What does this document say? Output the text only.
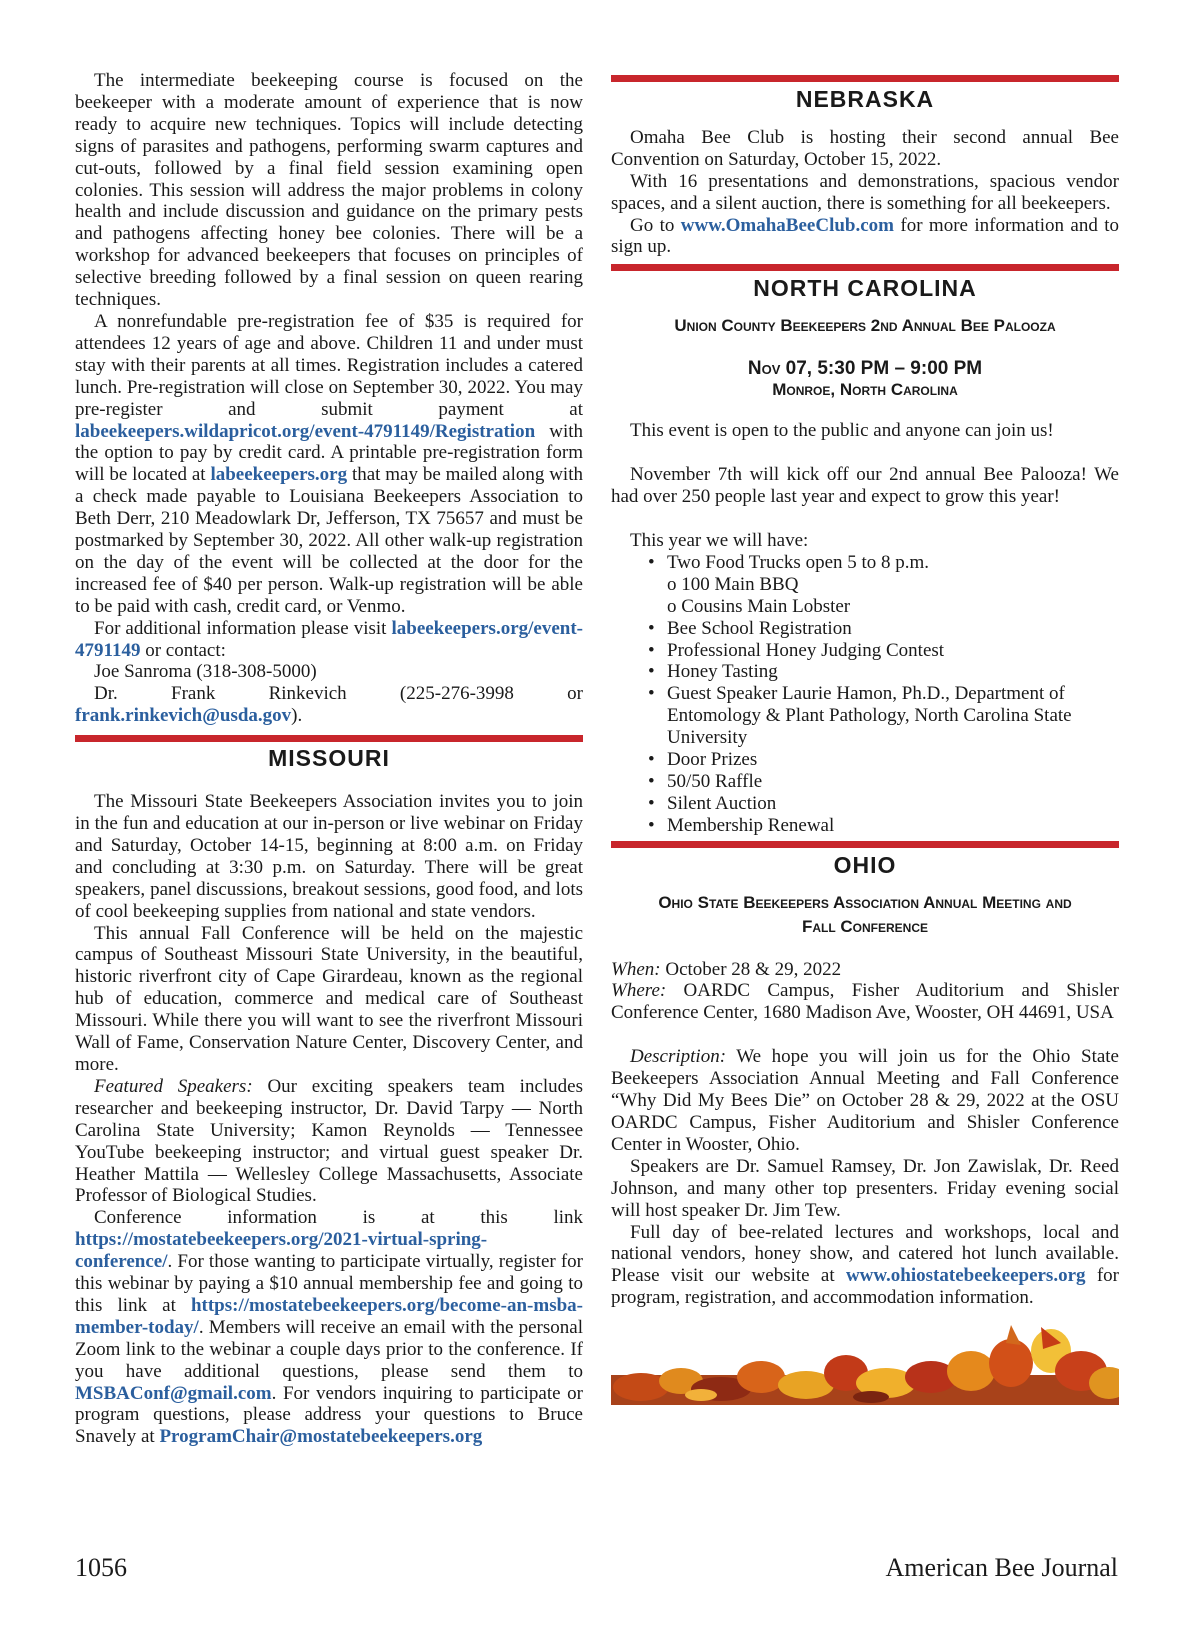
The intermediate beekeeping course is focused on the beekeeper with a moderate amount of experience that is now ready to acquire new techniques. Topics will include detecting signs of parasites and pathogens, performing swarm captures and cut-outs, followed by a final field session examining open colonies. This session will address the major problems in colony health and include discussion and guidance on the primary pests and pathogens affecting honey bee colonies. There will be a workshop for advanced beekeepers that focuses on principles of selective breeding followed by a final session on queen rearing techniques.

A nonrefundable pre-registration fee of $35 is required for attendees 12 years of age and above. Children 11 and under must stay with their parents at all times. Registration includes a catered lunch. Pre-registration will close on September 30, 2022. You may pre-register and submit payment at labeekeepers.wildapricot.org/event-4791149/Registration with the option to pay by credit card. A printable pre-registration form will be located at labeekeepers.org that may be mailed along with a check made payable to Louisiana Beekeepers Association to Beth Derr, 210 Meadowlark Dr, Jefferson, TX 75657 and must be postmarked by September 30, 2022. All other walk-up registration on the day of the event will be collected at the door for the increased fee of $40 per person. Walk-up registration will be able to be paid with cash, credit card, or Venmo.

For additional information please visit labeekeepers.org/event-4791149 or contact:

Joe Sanroma (318-308-5000)

Dr. Frank Rinkevich (225-276-3998 or frank.rinkevich@usda.gov).

MISSOURI

The Missouri State Beekeepers Association invites you to join in the fun and education at our in-person or live webinar on Friday and Saturday, October 14-15, beginning at 8:00 a.m. on Friday and concluding at 3:30 p.m. on Saturday. There will be great speakers, panel discussions, breakout sessions, good food, and lots of cool beekeeping supplies from national and state vendors.

This annual Fall Conference will be held on the majestic campus of Southeast Missouri State University, in the beautiful, historic riverfront city of Cape Girardeau, known as the regional hub of education, commerce and medical care of Southeast Missouri. While there you will want to see the riverfront Missouri Wall of Fame, Conservation Nature Center, Discovery Center, and more.

Featured Speakers: Our exciting speakers team includes researcher and beekeeping instructor, Dr. David Tarpy — North Carolina State University; Kamon Reynolds — Tennessee YouTube beekeeping instructor; and virtual guest speaker Dr. Heather Mattila — Wellesley College Massachusetts, Associate Professor of Biological Studies.

Conference information is at this link https://mostatebeekeepers.org/2021-virtual-spring-conference/. For those wanting to participate virtually, register for this webinar by paying a $10 annual membership fee and going to this link at https://mostatebeekeepers.org/become-an-msba-member-today/. Members will receive an email with the personal Zoom link to the webinar a couple days prior to the conference. If you have additional questions, please send them to MSBAConf@gmail.com. For vendors inquiring to participate or program questions, please address your questions to Bruce Snavely at ProgramChair@mostatebeekeepers.org

NEBRASKA

Omaha Bee Club is hosting their second annual Bee Convention on Saturday, October 15, 2022.

With 16 presentations and demonstrations, spacious vendor spaces, and a silent auction, there is something for all beekeepers.

Go to www.OmahaBeeClub.com for more information and to sign up.

NORTH CAROLINA
Union County Beekeepers 2nd Annual Bee Palooza
Nov 07, 5:30 PM – 9:00 PM
Monroe, North Carolina

This event is open to the public and anyone can join us!

November 7th will kick off our 2nd annual Bee Palooza! We had over 250 people last year and expect to grow this year!

This year we will have:

• Two Food Trucks open 5 to 8 p.m.
o 100 Main BBQ
o Cousins Main Lobster
• Bee School Registration
• Professional Honey Judging Contest
• Honey Tasting
• Guest Speaker Laurie Hamon, Ph.D., Department of Entomology & Plant Pathology, North Carolina State University
• Door Prizes
• 50/50 Raffle
• Silent Auction
• Membership Renewal
OHIO
Ohio State Beekeepers Association Annual Meeting and Fall Conference

When: October 28 & 29, 2022

Where: OARDC Campus, Fisher Auditorium and Shisler Conference Center, 1680 Madison Ave, Wooster, OH 44691, USA

Description: We hope you will join us for the Ohio State Beekeepers Association Annual Meeting and Fall Conference “Why Did My Bees Die” on October 28 & 29, 2022 at the OSU OARDC Campus, Fisher Auditorium and Shisler Conference Center in Wooster, Ohio.

Speakers are Dr. Samuel Ramsey, Dr. Jon Zawislak, Dr. Reed Johnson, and many other top presenters. Friday evening social will host speaker Dr. Jim Tew.

Full day of bee-related lectures and workshops, local and national vendors, honey show, and catered hot lunch available. Please visit our website at www.ohiostatebeekeepers.org for program, registration, and accommodation information.

1056	American Bee Journal
